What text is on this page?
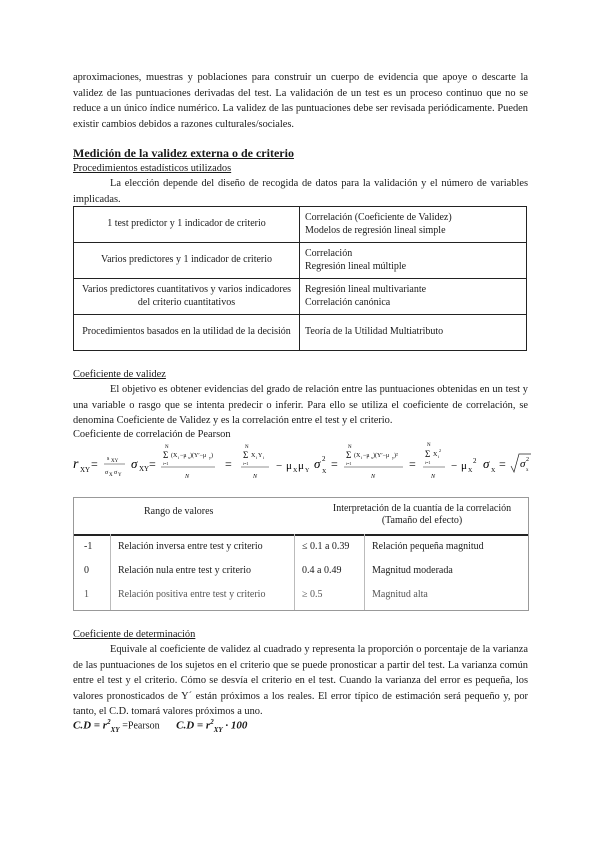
aproximaciones, muestras y poblaciones para construir un cuerpo de evidencia que apoye o descarte la validez de las puntuaciones derivadas del test. La validación de un test es un proceso continuo que no se reduce a un único índice numérico. La validez de las puntuaciones debe ser revisada periódicamente. Pueden existir cambios debidos a razones culturales/sociales.

Medición de la validez externa o de criterio

Procedimientos estadísticos utilizados

La elección depende del diseño de recogida de datos para la validación y el número de variables implicadas.

1 test predictor y 1 indicador de criterio	Correlación (Coeficiente de Validez)
Modelos de regresión lineal simple
Varios predictores y 1 indicador de criterio	Correlación
Regresión lineal múltiple
Varios predictores cuantitativos y varios indicadores del criterio cuantitativos	Regresión lineal multivariante
Correlación canónica
Procedimientos basados en la utilidad de la decisión	Teoría de la Utilidad Multiatributo

Coeficiente de validez

El objetivo es obtener evidencias del grado de relación entre las puntuaciones obtenidas en un test y una variable o rasgo que se intenta predecir o inferir. Para ello se utiliza el coeficiente de correlación, se denomina Coeficiente de Validez y es la correlación entre el test y el criterio.

Coeficiente de correlación de Pearson

r XY = s XY
σ X σ Y
σ XY =
N
Σ (X i −μ x )(Y′−μ y )
i=1
N
=
N
Σ X i Y i
i=1
N
− μ X μ Y σ 2
X
=
N
Σ (X i −μ x )(Y′−μ y )²
i=1
N
=
N
Σ X i
2
i=1
N
− μ X
2 σ X = σ 2
x
Rango de valores	Interpretación de la cuantía de la correlación
(Tamaño del efecto)
-1	Relación inversa entre test y criterio	≤ 0.1 a 0.39 Relación pequeña magnitud
0	Relación nula entre test y criterio	0.4 a 0.49	Magnitud moderada
1	Relación positiva entre test y criterio	≥ 0.5	Magnitud alta

Coeficiente de determinación

Equivale al coeficiente de validez al cuadrado y representa la proporción o porcentaje de la varianza de las puntuaciones de los sujetos en el criterio que se puede pronosticar a partir del test. La varianza común entre el test y el criterio. Cómo se desvía el criterio en el test. Cuando la varianza del error es pequeña, los valores pronosticados de Y´ están próximos a los reales. El error típico de estimación será pequeño y, por tanto, el C.D. tomará valores próximos a uno.

$C.D = r^2_{XY}$ =Pearson $C.D = r^2_{XY} \cdot 100$
